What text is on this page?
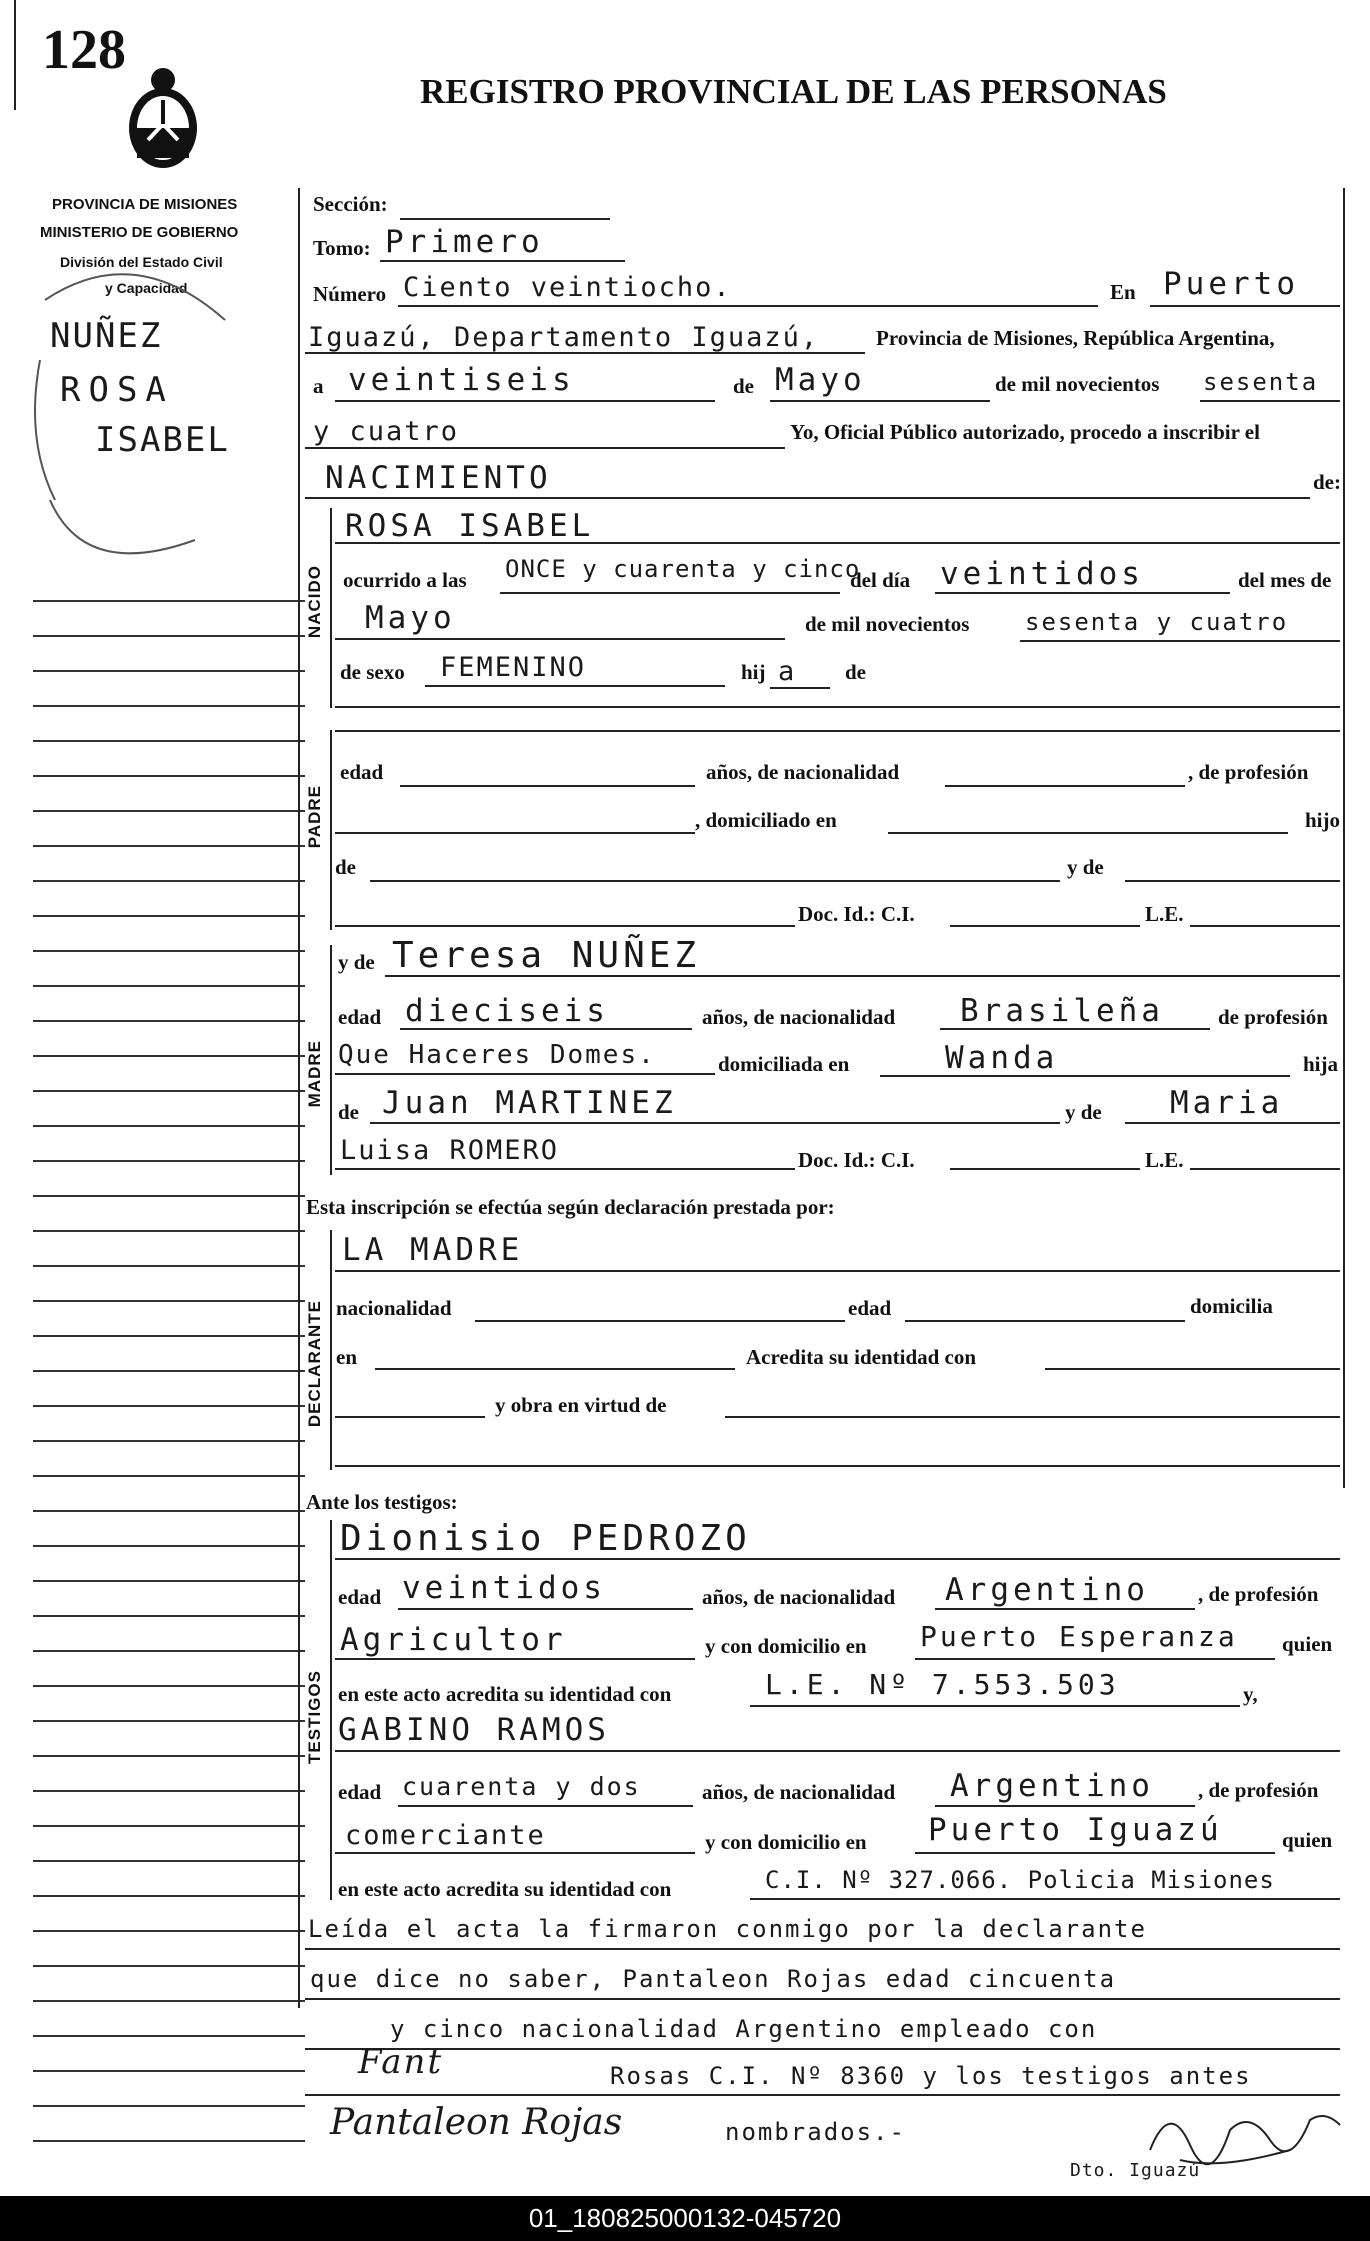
128
REGISTRO PROVINCIAL DE LAS PERSONAS
PROVINCIA DE MISIONES
MINISTERIO DE GOBIERNO
División del Estado Civil
y Capacidad
NUÑEZ
ROSA
ISABEL
Sección:
Tomo: Primero
Número Ciento veintiocho.	En Puerto
Iguazú, Departamento Iguazú,	Provincia de Misiones, República Argentina,
a veintiseis	de Mayo	de mil novecientos sesenta
y cuatro	Yo, Oficial Público autorizado, procedo a inscribir el
NACIMIENTO	de:
NACIDO
ROSA ISABEL
ocurrido a las ONCE y cuarenta y cinco
del día veintidos	del mes de
Mayo	de mil novecientos sesenta y cuatro
de sexo FEMENINO	hij a de
PADRE
edad	años, de nacionalidad	, de profesión
, domiciliado en	hijo
de	y de
Doc. Id.: C.I.	L.E.
MADRE
y de Teresa NUÑEZ
edad dieciseis	años, de nacionalidad Brasileña	de profesión
Que Haceres Domes.	domiciliada en	Wanda	hija
de Juan MARTINEZ	y de Maria
Luisa ROMERO	Doc. Id.: C.I.	L.E.
Esta inscripción se efectúa según declaración prestada por:
DECLARANTE
LA MADRE
nacionalidad	edad	domicilia
en	Acredita su identidad con
y obra en virtud de
Ante los testigos:
TESTIGOS
Dionisio PEDROZO
edad veintidos	años, de nacionalidad Argentino , de profesión
Agricultor	y con domicilio en Puerto Esperanza quien
en este acto acredita su identidad con	L.E. Nº 7.553.503	y,
GABINO RAMOS
edad cuarenta y dos	años, de nacionalidad Argentino , de profesión
comerciante	y con domicilio en Puerto Iguazú	quien
en este acto acredita su identidad con	C.I. Nº 327.066. Policia Misiones
Leída el acta la firmaron conmigo por la declarante
que dice no saber, Pantaleon Rojas edad cincuenta
y cinco nacionalidad Argentino empleado con
Fant	Rosas C.I. Nº 8360 y los testigos antes
Pantaleon Rojas	nombrados.-
Dto. Iguazú
01_180825000132-045720
